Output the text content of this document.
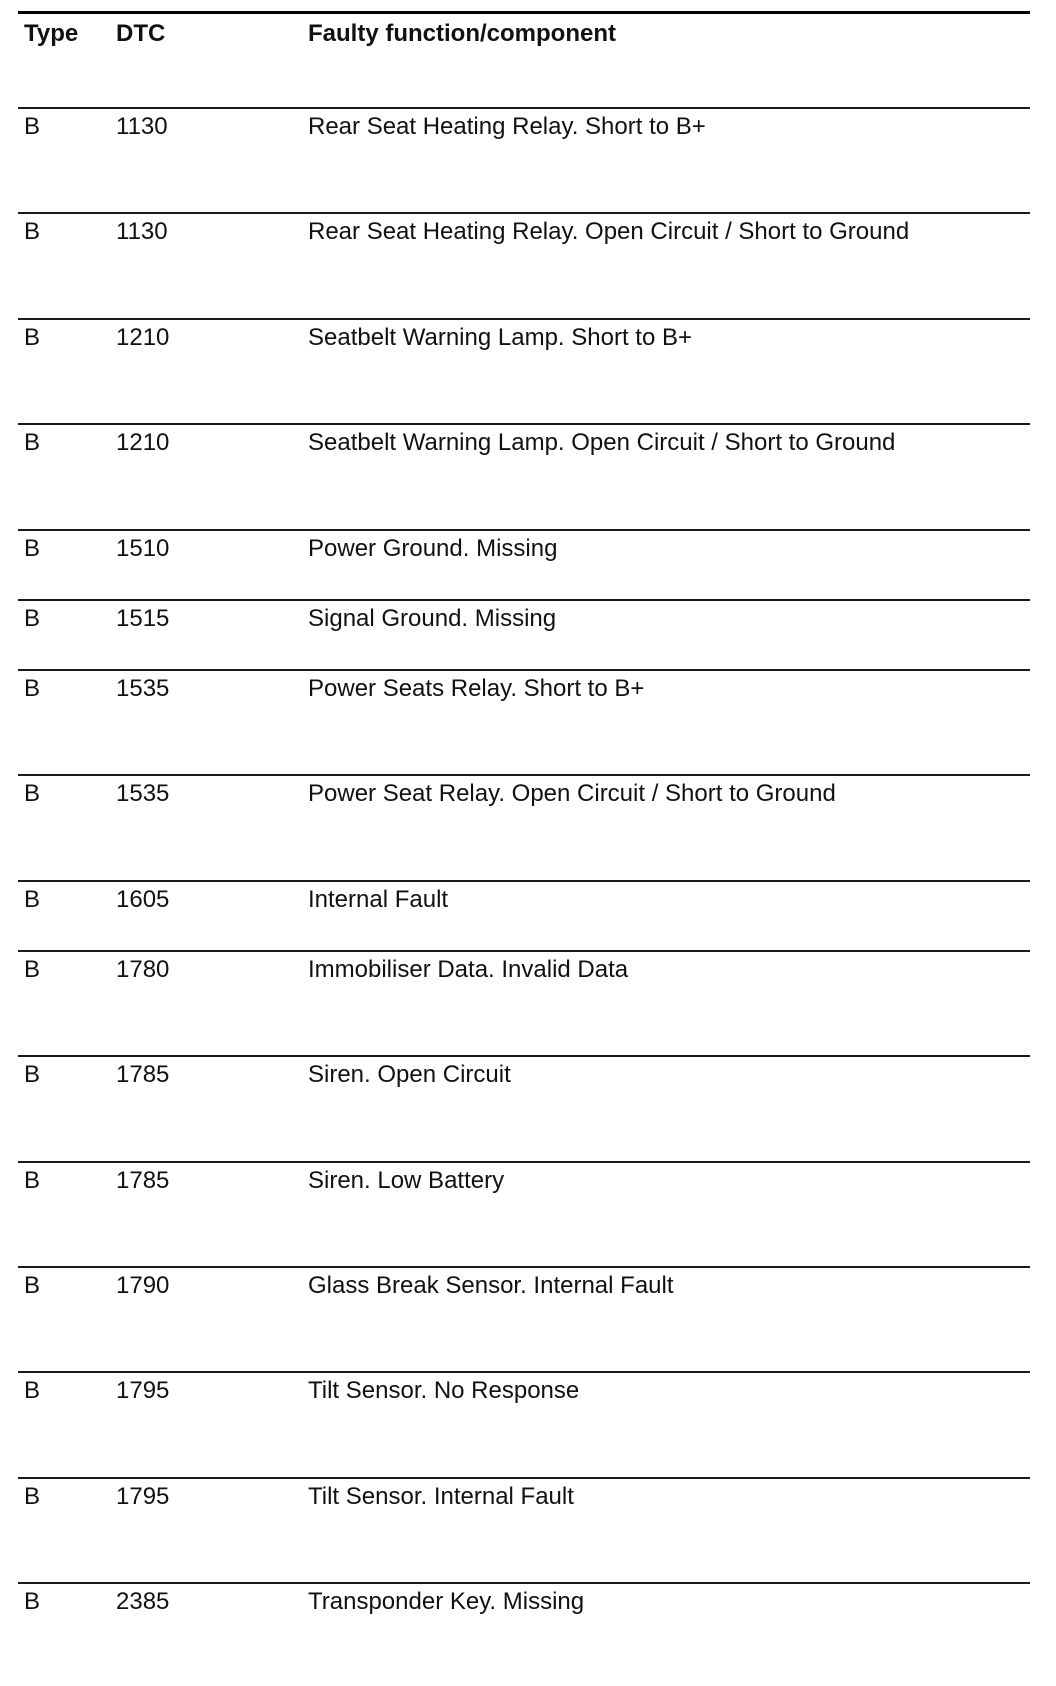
Type DTC	Faulty function/component
B	1130	Rear Seat Heating Relay. Short to B+
B	1130	Rear Seat Heating Relay. Open Circuit / Short to Ground
B	1210	Seatbelt Warning Lamp. Short to B+
B	1210	Seatbelt Warning Lamp. Open Circuit / Short to Ground
B	1510	Power Ground. Missing
B	1515	Signal Ground. Missing
B	1535	Power Seats Relay. Short to B+
B	1535	Power Seat Relay. Open Circuit / Short to Ground
B	1605	Internal Fault
B	1780	Immobiliser Data. Invalid Data
B	1785	Siren. Open Circuit
B	1785	Siren. Low Battery
B	1790	Glass Break Sensor. Internal Fault
B	1795	Tilt Sensor. No Response
B	1795	Tilt Sensor. Internal Fault
B	2385	Transponder Key. Missing
